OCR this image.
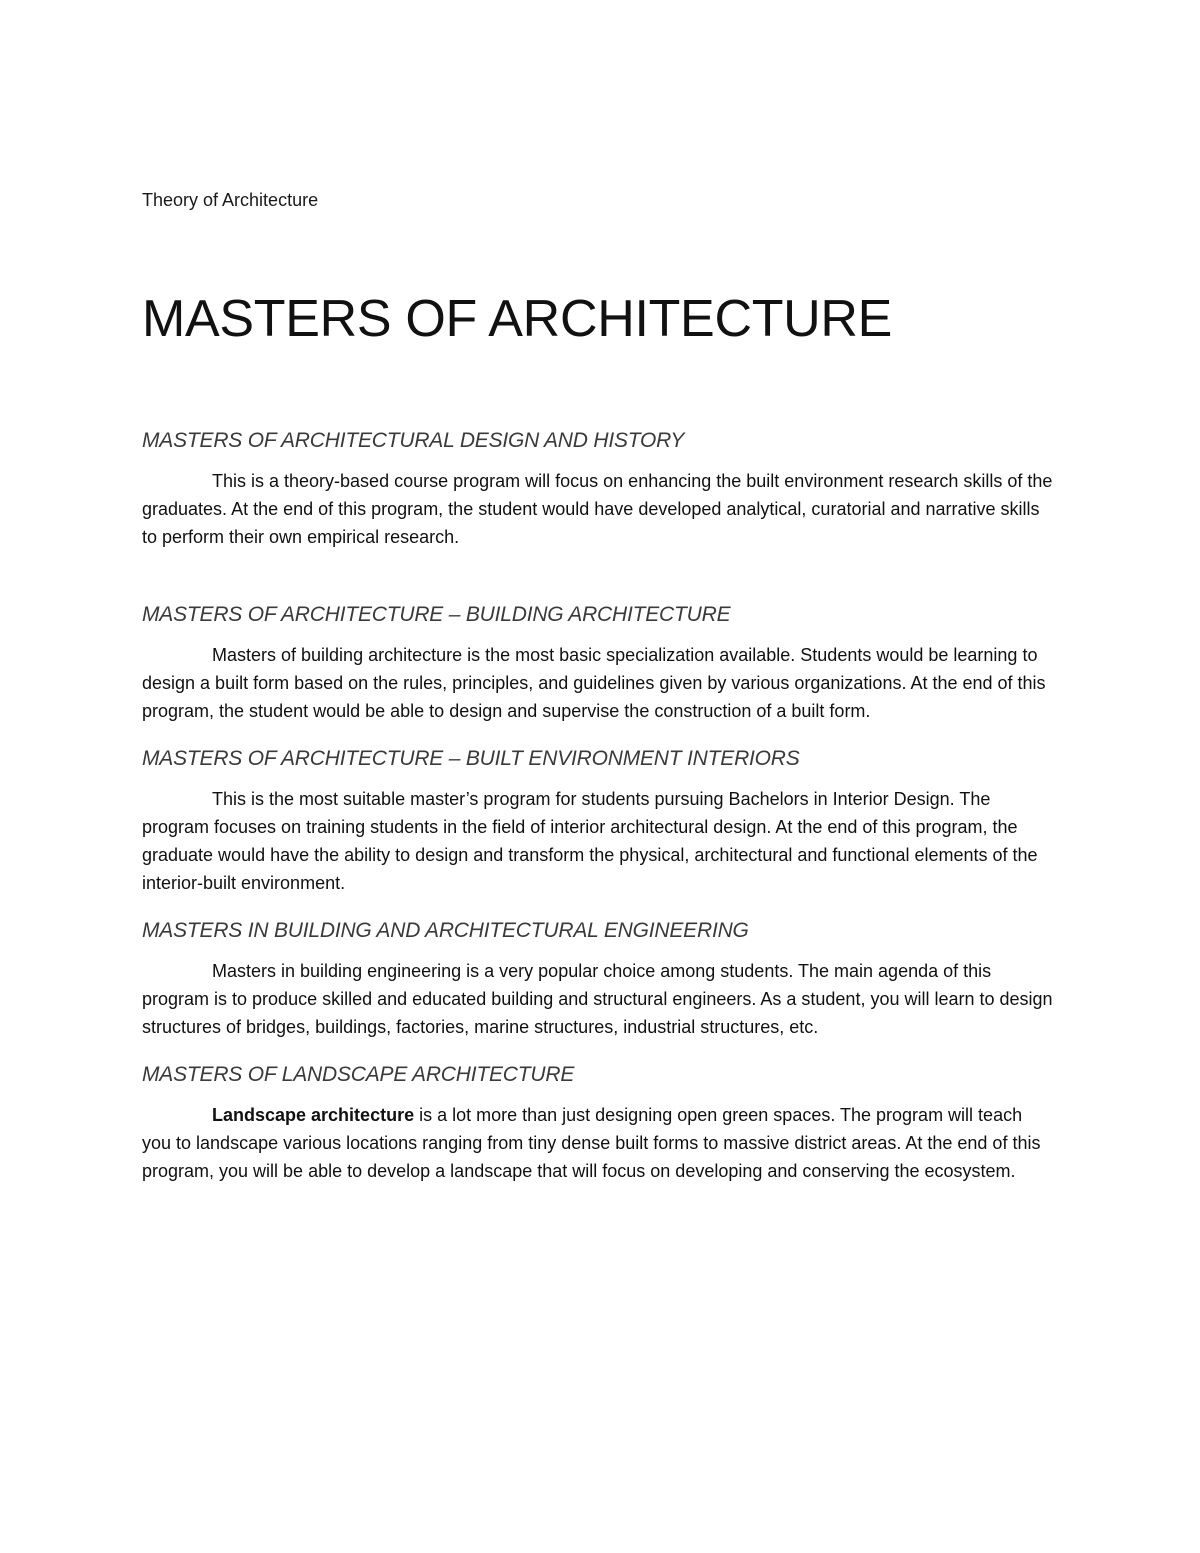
Theory of Architecture

MASTERS OF ARCHITECTURE
MASTERS OF ARCHITECTURAL DESIGN AND HISTORY

This is a theory-based course program will focus on enhancing the built environment research skills of the graduates. At the end of this program, the student would have developed analytical, curatorial and narrative skills to perform their own empirical research.

MASTERS OF ARCHITECTURE – BUILDING ARCHITECTURE

Masters of building architecture is the most basic specialization available. Students would be learning to design a built form based on the rules, principles, and guidelines given by various organizations. At the end of this program, the student would be able to design and supervise the construction of a built form.

MASTERS OF ARCHITECTURE – BUILT ENVIRONMENT INTERIORS

This is the most suitable master’s program for students pursuing Bachelors in Interior Design. The program focuses on training students in the field of interior architectural design. At the end of this program, the graduate would have the ability to design and transform the physical, architectural and functional elements of the interior-built environment.

MASTERS IN BUILDING AND ARCHITECTURAL ENGINEERING

Masters in building engineering is a very popular choice among students. The main agenda of this program is to produce skilled and educated building and structural engineers. As a student, you will learn to design structures of bridges, buildings, factories, marine structures, industrial structures, etc.

MASTERS OF LANDSCAPE ARCHITECTURE

Landscape architecture is a lot more than just designing open green spaces. The program will teach you to landscape various locations ranging from tiny dense built forms to massive district areas. At the end of this program, you will be able to develop a landscape that will focus on developing and conserving the ecosystem.
